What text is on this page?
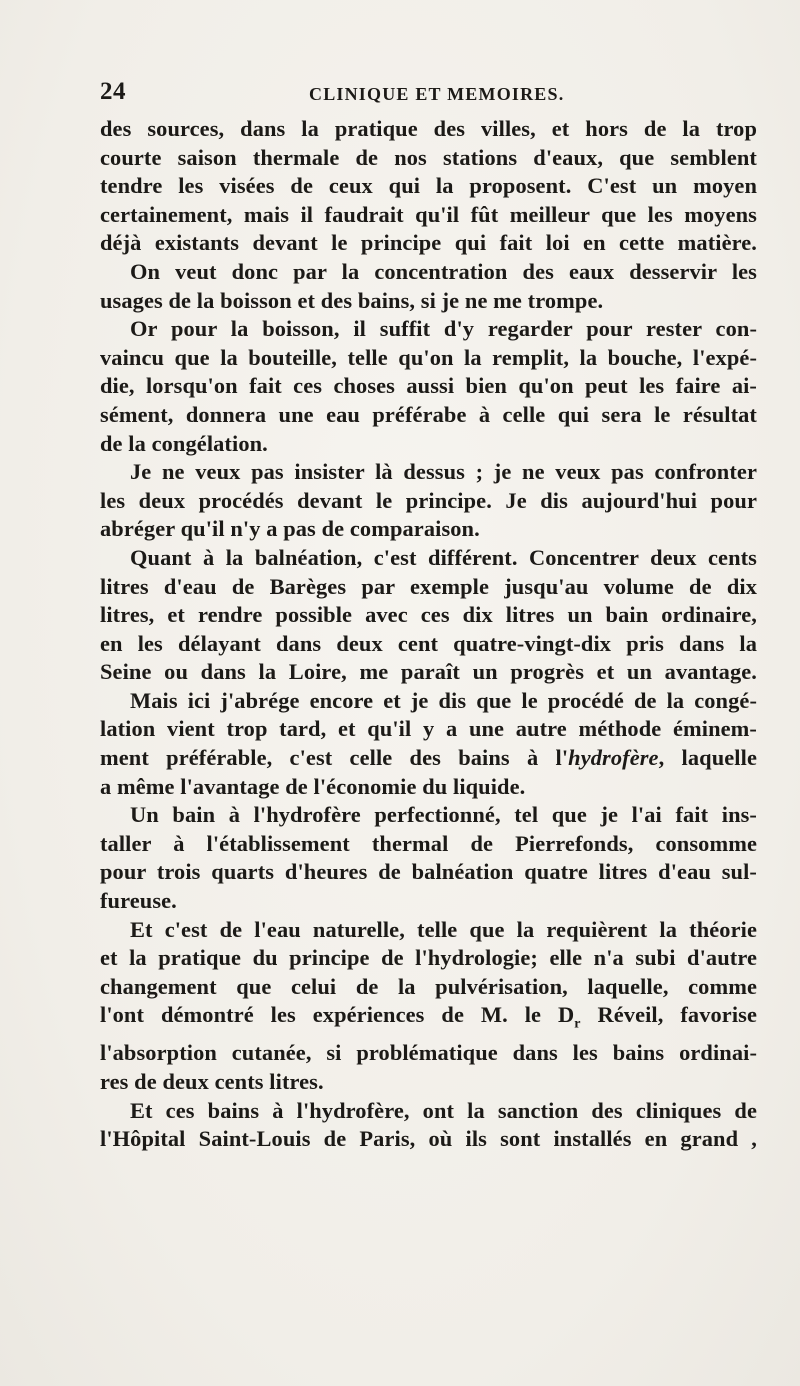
24	CLINIQUE ET MEMOIRES.
des sources, dans la pratique des villes, et hors de la trop
courte saison thermale de nos stations d'eaux, que semblent
tendre les visées de ceux qui la proposent. C'est un moyen
certainement, mais il faudrait qu'il fût meilleur que les moyens
déjà existants devant le principe qui fait loi en cette matière.
On veut donc par la concentration des eaux desservir les
usages de la boisson et des bains, si je ne me trompe.
Or pour la boisson, il suffit d'y regarder pour rester con-
vaincu que la bouteille, telle qu'on la remplit, la bouche, l'expé-
die, lorsqu'on fait ces choses aussi bien qu'on peut les faire ai-
sément, donnera une eau préférabe à celle qui sera le résultat
de la congélation.
Je ne veux pas insister là dessus ; je ne veux pas confronter
les deux procédés devant le principe. Je dis aujourd'hui pour
abréger qu'il n'y a pas de comparaison.
Quant à la balnéation, c'est différent. Concentrer deux cents
litres d'eau de Barèges par exemple jusqu'au volume de dix
litres, et rendre possible avec ces dix litres un bain ordinaire,
en les délayant dans deux cent quatre-vingt-dix pris dans la
Seine ou dans la Loire, me paraît un progrès et un avantage.
Mais ici j'abrége encore et je dis que le procédé de la congé-
lation vient trop tard, et qu'il y a une autre méthode éminem-
ment préférable, c'est celle des bains à l'hydrofère, laquelle
a même l'avantage de l'économie du liquide.
Un bain à l'hydrofère perfectionné, tel que je l'ai fait ins-
taller à l'établissement thermal de Pierrefonds, consomme
pour trois quarts d'heures de balnéation quatre litres d'eau sul-
fureuse.
Et c'est de l'eau naturelle, telle que la requièrent la théorie
et la pratique du principe de l'hydrologie; elle n'a subi d'autre
changement que celui de la pulvérisation, laquelle, comme
l'ont démontré les expériences de M. le $D_r$ Réveil, favorise
l'absorption cutanée, si problématique dans les bains ordinai-
res de deux cents litres.
Et ces bains à l'hydrofère, ont la sanction des cliniques de
l'Hôpital Saint-Louis de Paris, où ils sont installés en grand ,
